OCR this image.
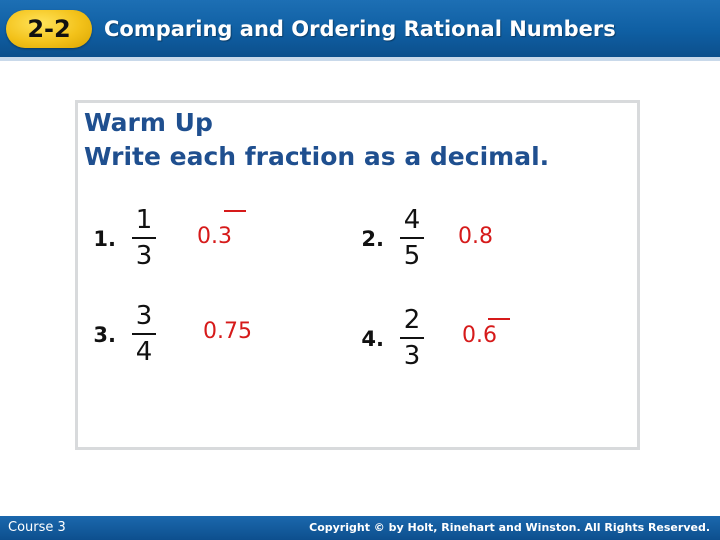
2-2	Comparing and Ordering Rational Numbers
Warm Up
Write each fraction as a decimal.
1.
1
3
0.3	2.
4
5
0.8
3.
3
4
0.75	4.
2
3
0.6
Course 3	Copyright © by Holt, Rinehart and Winston. All Rights Reserved.
